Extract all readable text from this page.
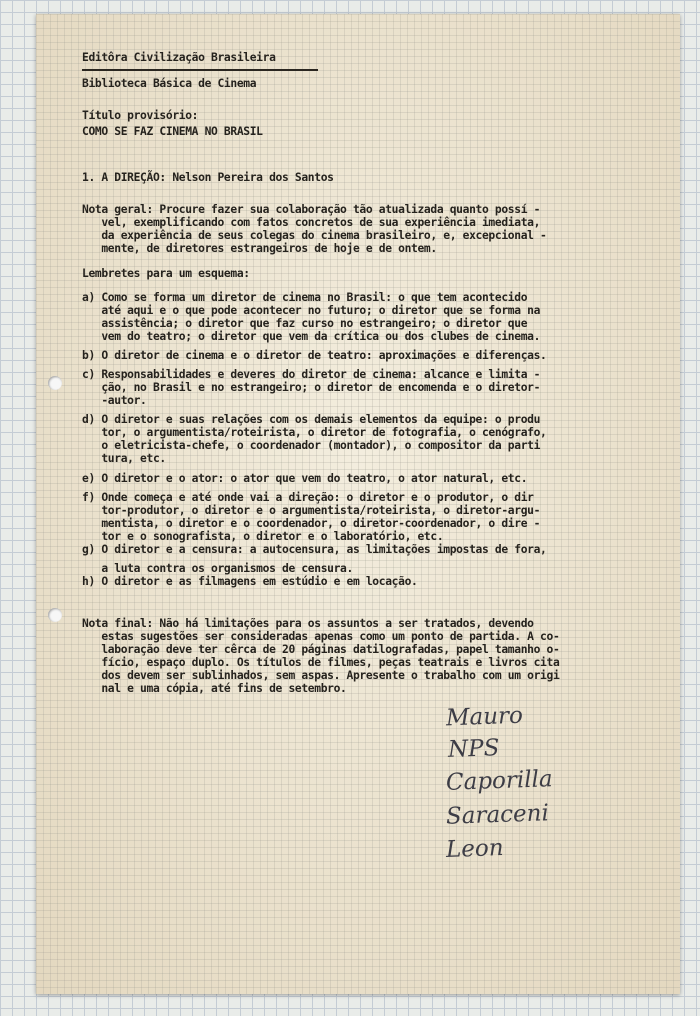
Editôra Civilização Brasileira
Biblioteca Básica de Cinema
Título provisório:
COMO SE FAZ CINEMA NO BRASIL
1. A DIREÇÃO: Nelson Pereira dos Santos
Nota geral: Procure fazer sua colaboração tão atualizada quanto possí -
vel, exemplificando com fatos concretos de sua experiência imediata,
da experiência de seus colegas do cinema brasileiro, e, excepcional -
mente, de diretores estrangeiros de hoje e de ontem.
Lembretes para um esquema:
a) Como se forma um diretor de cinema no Brasil: o que tem acontecido
até aqui e o que pode acontecer no futuro; o diretor que se forma na
assistência; o diretor que faz curso no estrangeiro; o diretor que
vem do teatro; o diretor que vem da crítica ou dos clubes de cinema.
b) O diretor de cinema e o diretor de teatro: aproximações e diferenças.
c) Responsabilidades e deveres do diretor de cinema: alcance e limita -
ção, no Brasil e no estrangeiro; o diretor de encomenda e o diretor-
-autor.
d) O diretor e suas relações com os demais elementos da equipe: o produ
tor, o argumentista/roteirista, o diretor de fotografia, o cenógrafo,
o eletricista-chefe, o coordenador (montador), o compositor da parti
tura, etc.
e) O diretor e o ator: o ator que vem do teatro, o ator natural, etc.
f) Onde começa e até onde vai a direção: o diretor e o produtor, o dir
tor-produtor, o diretor e o argumentista/roteirista, o diretor-argu-
mentista, o diretor e o coordenador, o diretor-coordenador, o dire -
tor e o sonografista, o diretor e o laboratório, etc.
g) O diretor e a censura: a autocensura, as limitações impostas de fora,
a luta contra os organismos de censura.
h) O diretor e as filmagens em estúdio e em locação.
Nota final: Não há limitações para os assuntos a ser tratados, devendo
estas sugestões ser consideradas apenas como um ponto de partida. A co-
laboração deve ter cêrca de 20 páginas datilografadas, papel tamanho o-
fício, espaço duplo. Os títulos de filmes, peças teatrais e livros cita
dos devem ser sublinhados, sem aspas. Apresente o trabalho com um origi
nal e uma cópia, até fins de setembro.
Mauro
NPS
Caporilla
Saraceni
Leon
